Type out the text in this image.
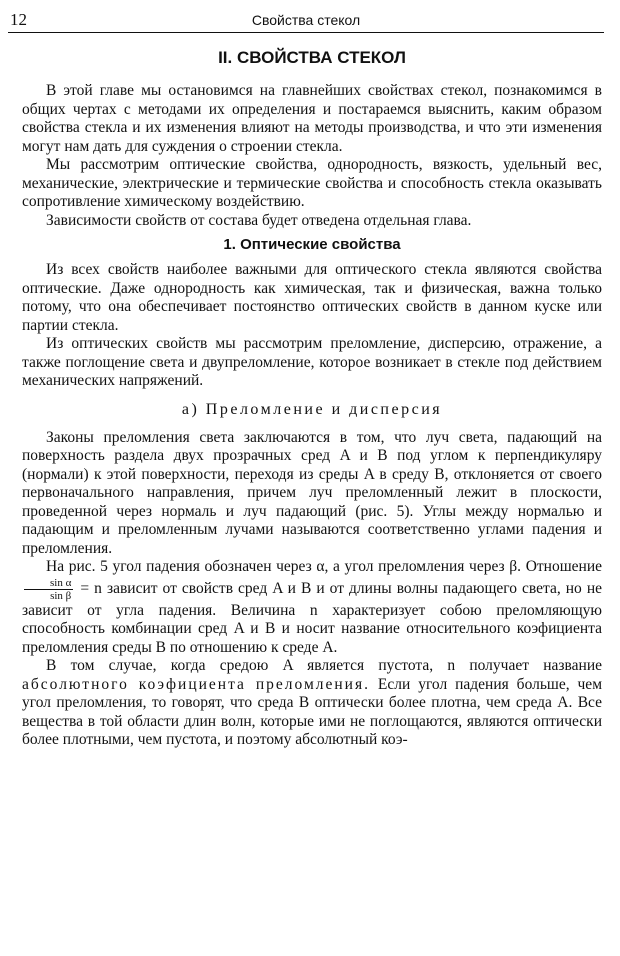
12	Свойства стекол
II. СВОЙСТВА СТЕКОЛ

В этой главе мы остановимся на главнейших свойствах стекол, познакомимся в общих чертах с методами их определения и постараемся выяснить, каким образом свойства стекла и их изменения влияют на методы производства, и что эти изменения могут нам дать для суждения о строении стекла.

Мы рассмотрим оптические свойства, однородность, вязкость, удельный вес, механические, электрические и термические свойства и способность стекла оказывать сопротивление химическому воздействию.

Зависимости свойств от состава будет отведена отдельная глава.

1. Оптические свойства

Из всех свойств наиболее важными для оптического стекла являются свойства оптические. Даже однородность как химическая, так и физическая, важна только потому, что она обеспечивает постоянство оптических свойств в данном куске или партии стекла.

Из оптических свойств мы рассмотрим преломление, дисперсию, отражение, а также поглощение света и двупреломление, которое возникает в стекле под действием механических напряжений.

а) Преломление и дисперсия

Законы преломления света заключаются в том, что луч света, падающий на поверхность раздела двух прозрачных сред A и B под углом к перпендикуляру (нормали) к этой поверхности, переходя из среды A в среду B, отклоняется от своего первоначального направления, причем луч преломленный лежит в плоскости, проведенной через нормаль и луч падающий (рис. 5). Углы между нормалью и падающим и преломленным лучами называются соответственно углами падения и преломления.

На рис. 5 угол падения обозначен через α, а угол преломления через β. Отношение
$\frac{\text{sin α}}{\text{sin β}} = n$ зависит от свойств сред A и B и от длины волны падающего света, но не зависит от угла падения. Величина n характеризует собою преломляющую способность комбинации сред A и B и носит название относительного коэфициента преломления среды B по отношению к среде A.

В том случае, когда средою A является пустота, n получает название абсолютного коэфициента преломления. Если угол падения больше, чем угол преломления, то говорят, что среда B оптически более плотна, чем среда A. Все вещества в той области длин волн, которые ими не поглощаются, являются оптически более плотными, чем пустота, и поэтому абсолютный коэ-
